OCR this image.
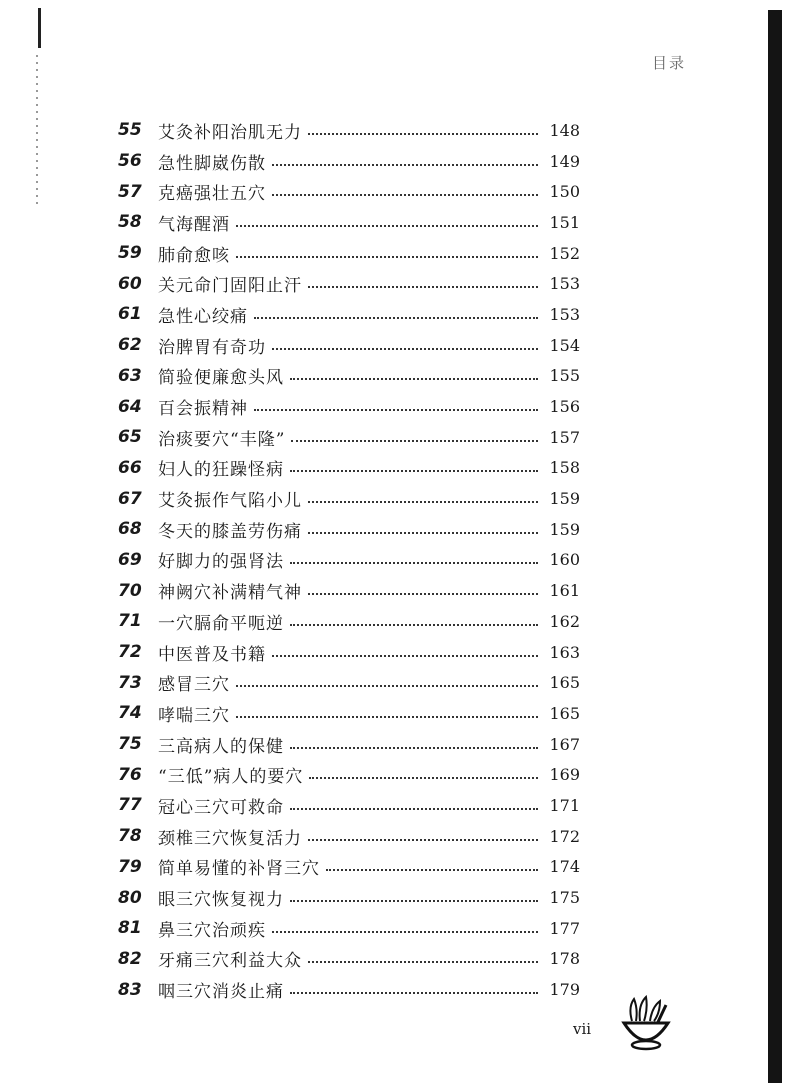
目录
55 艾灸补阳治肌无力	148
56 急性脚崴伤散	149
57 克癌强壮五穴	150
58 气海醒酒	151
59 肺俞愈咳	152
60 关元命门固阳止汗	153
61 急性心绞痛	153
62 治脾胃有奇功	154
63 简验便廉愈头风	155
64 百会振精神	156
65 治痰要穴“丰隆”	157
66 妇人的狂躁怪病	158
67 艾灸振作气陷小儿	159
68 冬天的膝盖劳伤痛	159
69 好脚力的强肾法	160
70 神阙穴补满精气神	161
71 一穴膈俞平呃逆	162
72 中医普及书籍	163
73 感冒三穴	165
74 哮喘三穴	165
75 三高病人的保健	167
76 “三低”病人的要穴	169
77 冠心三穴可救命	171
78 颈椎三穴恢复活力	172
79 简单易懂的补肾三穴	174
80 眼三穴恢复视力	175
81 鼻三穴治顽疾	177
82 牙痛三穴利益大众	178
83 咽三穴消炎止痛	179
vii
